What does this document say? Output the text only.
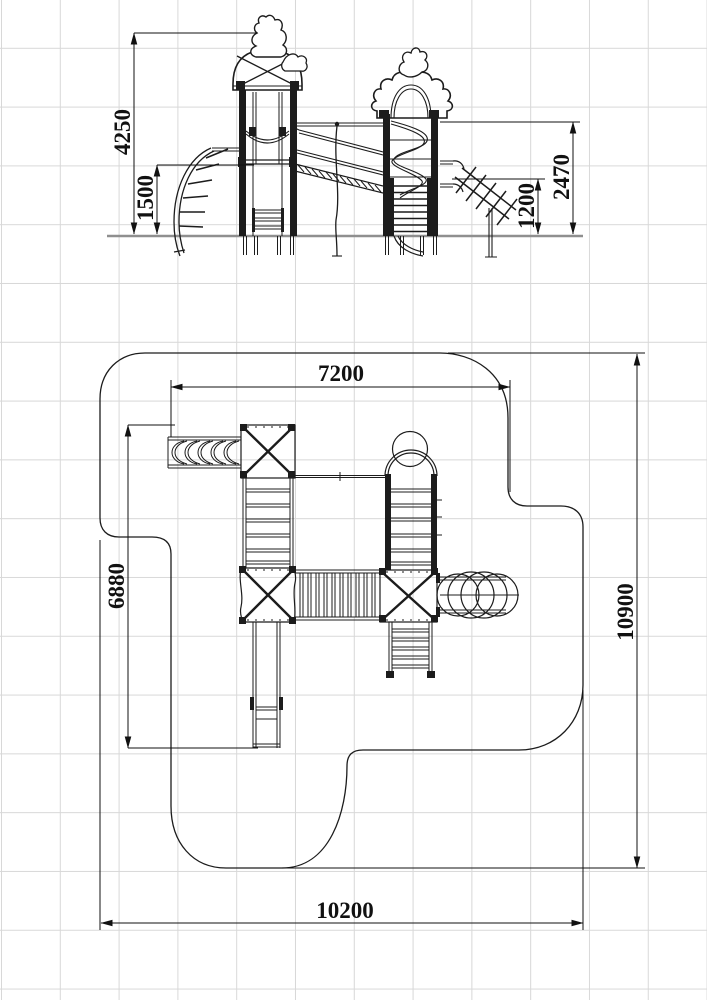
4250
1500	2470
1200
7200
6880	10900
10200
